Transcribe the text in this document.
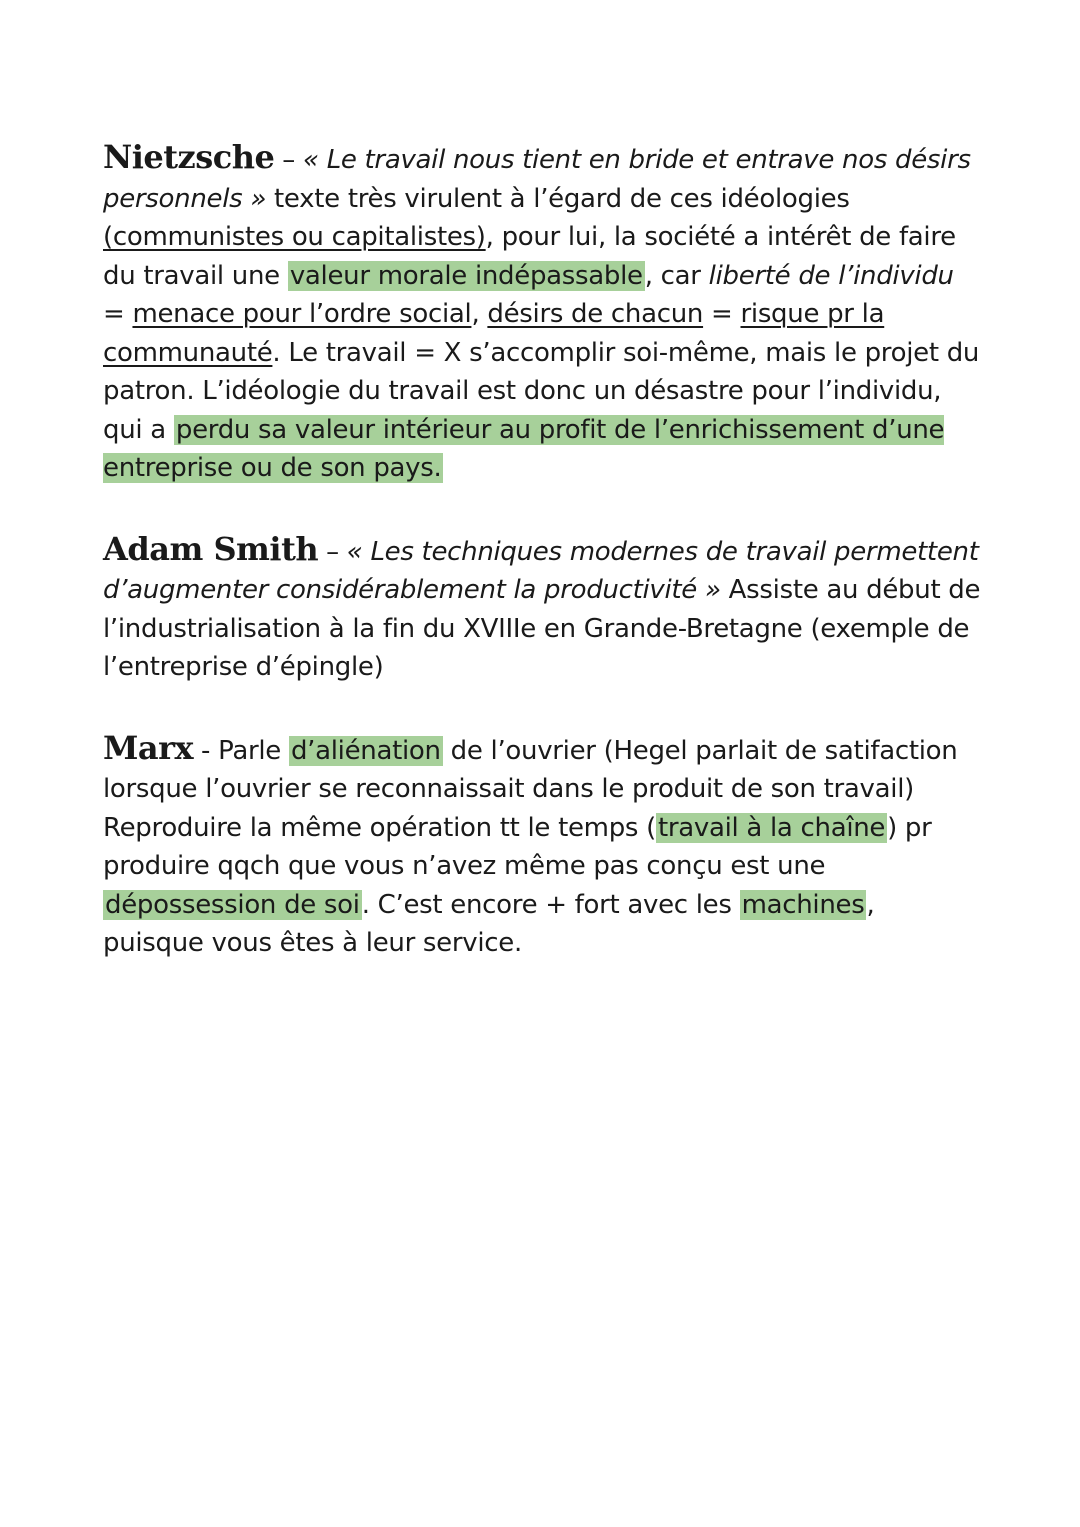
Nietzsche – « Le travail nous tient en bride et entrave nos désirs personnels » texte très virulent à l’égard de ces idéologies (communistes ou capitalistes), pour lui, la société a intérêt de faire du travail une valeur morale indépassable, car liberté de l’individu = menace pour l’ordre social, désirs de chacun = risque pr la communauté. Le travail = X s’accomplir soi-même, mais le projet du patron. L’idéologie du travail est donc un désastre pour l’individu, qui a perdu sa valeur intérieur au profit de l’enrichissement d’une entreprise ou de son pays.

Adam Smith – « Les techniques modernes de travail permettent d’augmenter considérablement la productivité » Assiste au début de l’industrialisation à la fin du XVIIIe en Grande-Bretagne (exemple de l’entreprise d’épingle)

Marx - Parle d’aliénation de l’ouvrier (Hegel parlait de satifaction lorsque l’ouvrier se reconnaissait dans le produit de son travail) Reproduire la même opération tt le temps (travail à la chaîne) pr produire qqch que vous n’avez même pas conçu est une dépossession de soi. C’est encore + fort avec les machines, puisque vous êtes à leur service.
